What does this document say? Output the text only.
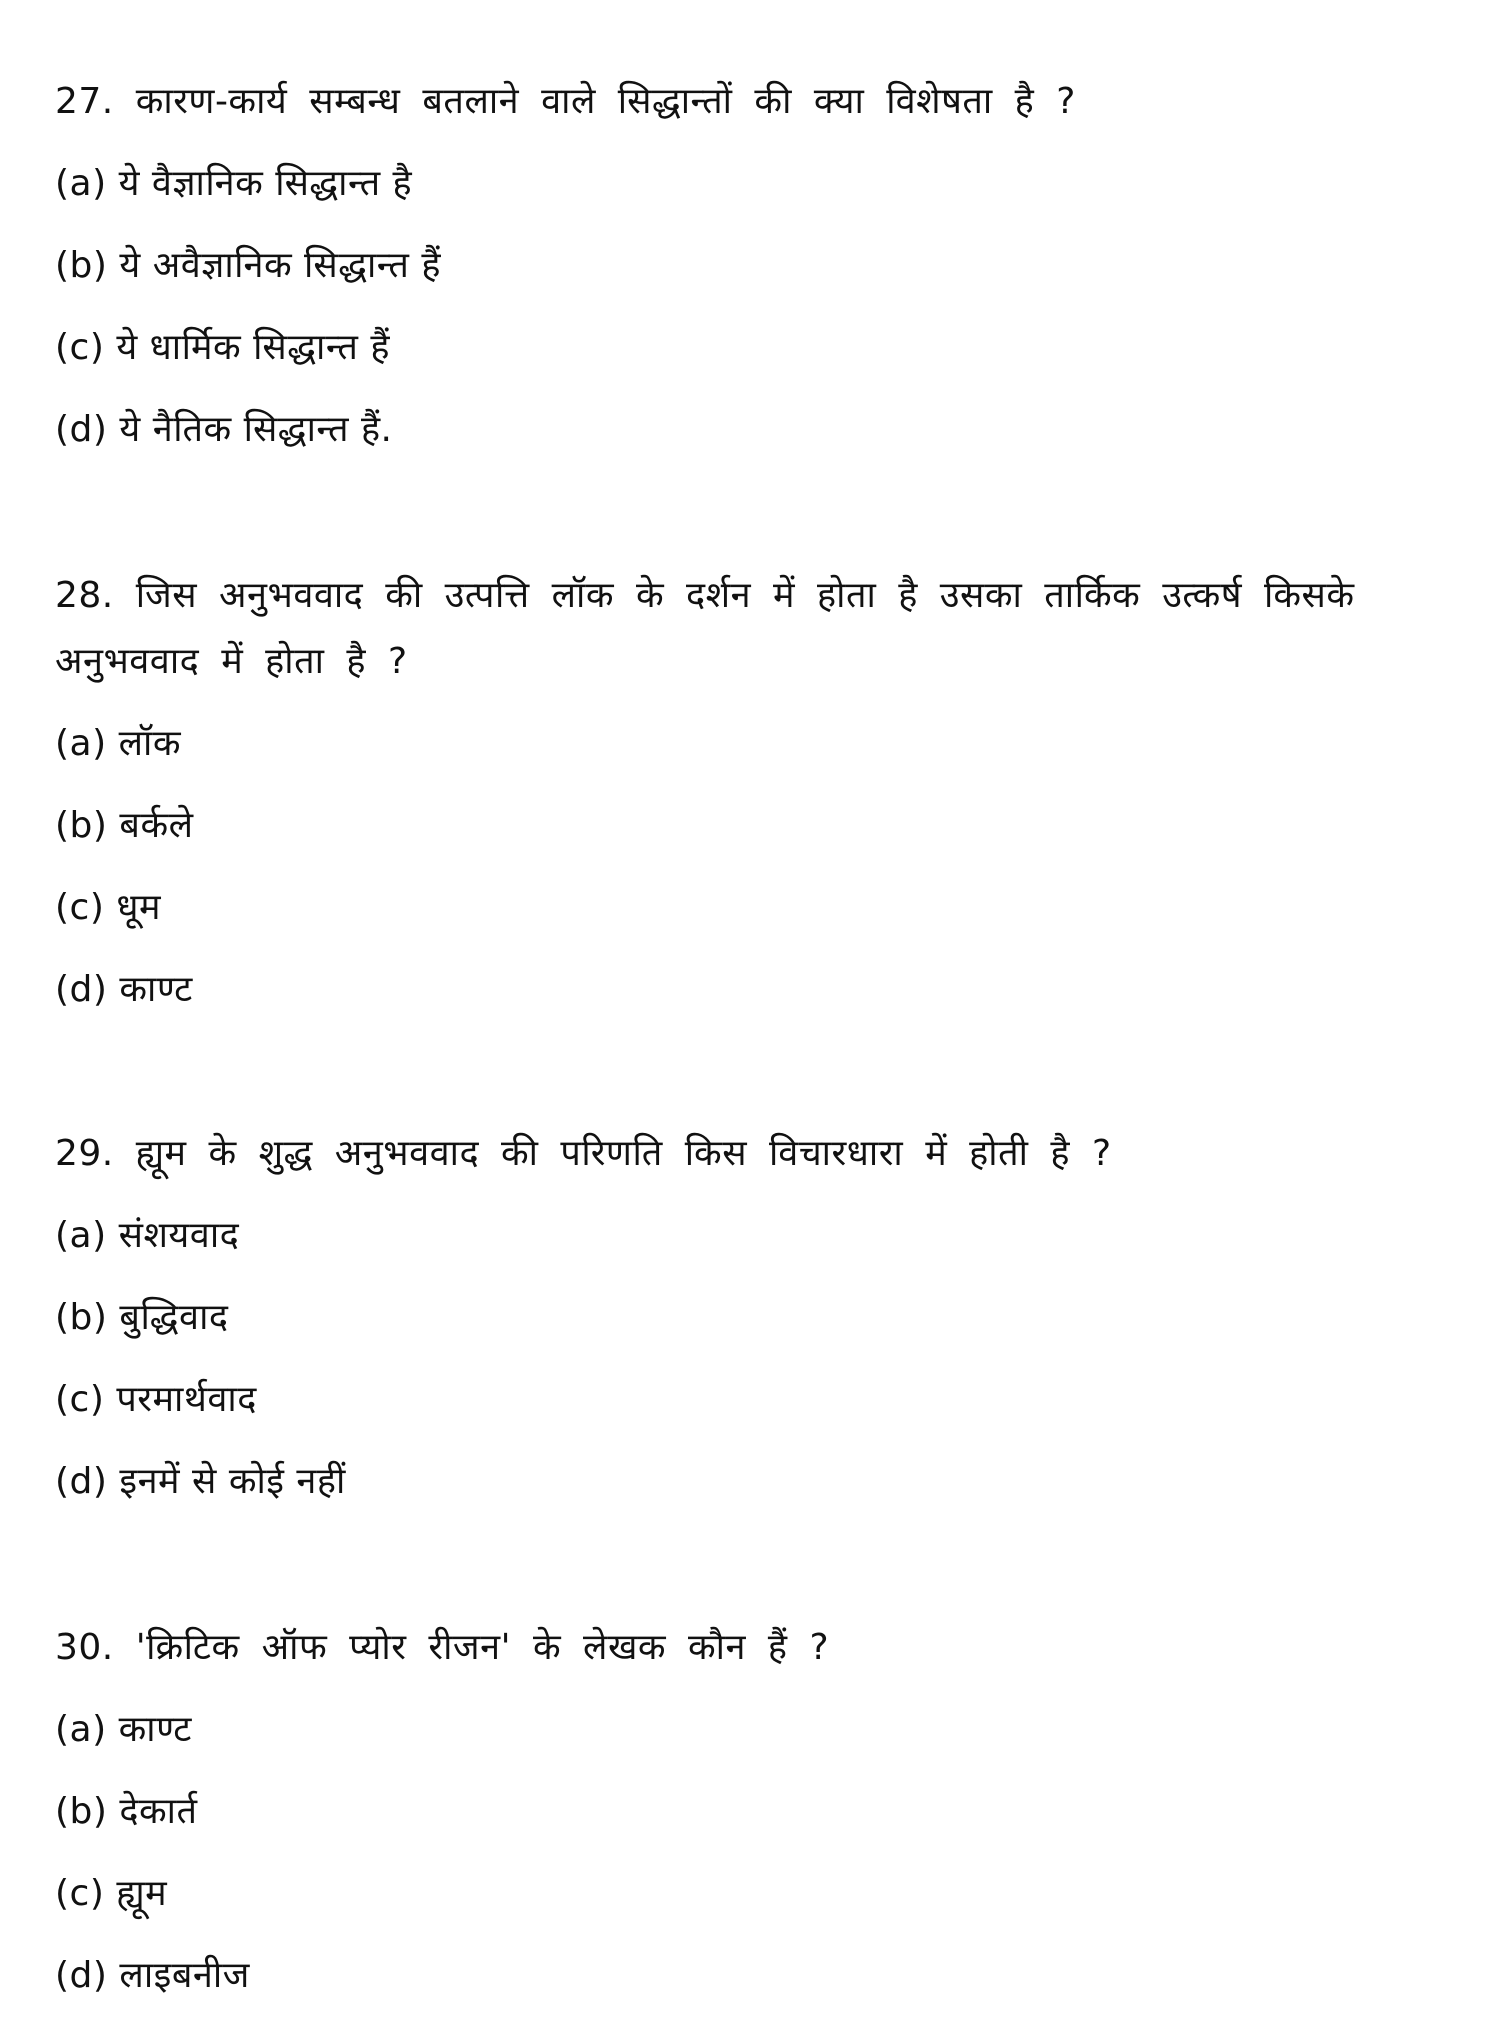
27. कारण-कार्य सम्बन्ध बतलाने वाले सिद्धान्तों की क्या विशेषता है ?
(a) ये वैज्ञानिक सिद्धान्त है
(b) ये अवैज्ञानिक सिद्धान्त हैं
(c) ये धार्मिक सिद्धान्त हैं
(d) ये नैतिक सिद्धान्त हैं.
28. जिस अनुभववाद की उत्पत्ति लॉक के दर्शन में होता है उसका तार्किक उत्कर्ष किसके
अनुभववाद में होता है ?
(a) लॉक
(b) बर्कले
(c) धूम
(d) काण्ट
29. ह्यूम के शुद्ध अनुभववाद की परिणति किस विचारधारा में होती है ?
(a) संशयवाद
(b) बुद्धिवाद
(c) परमार्थवाद
(d) इनमें से कोई नहीं
30. 'क्रिटिक ऑफ प्योर रीजन' के लेखक कौन हैं ?
(a) काण्ट
(b) देकार्त
(c) ह्यूम
(d) लाइबनीज
